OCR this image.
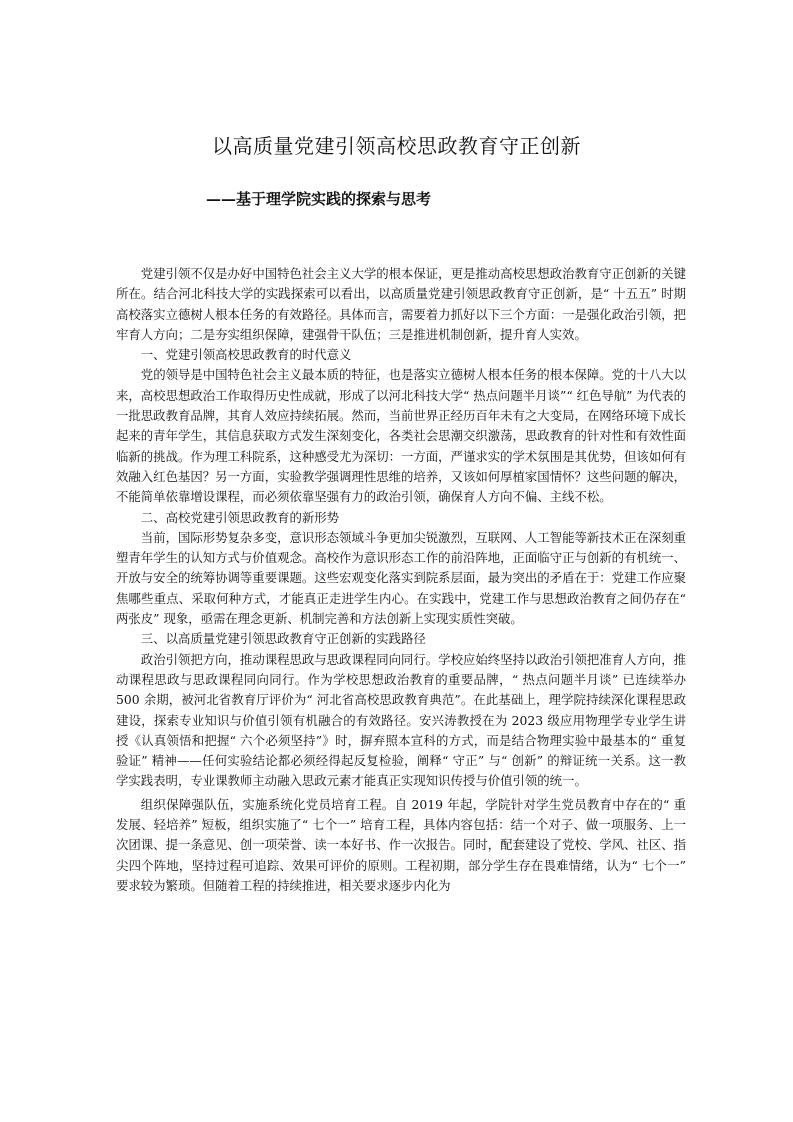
以高质量党建引领高校思政教育守正创新
——基于理学院实践的探索与思考

党建引领不仅是办好中国特色社会主义大学的根本保证，更是推动高校思想政治教育守正创新的关键所在。结合河北科技大学的实践探索可以看出，以高质量党建引领思政教育守正创新，是“ 十五五” 时期高校落实立德树人根本任务的有效路径。具体而言，需要着力抓好以下三个方面：一是强化政治引领，把牢育人方向；二是夯实组织保障，建强骨干队伍；三是推进机制创新，提升育人实效。

一、党建引领高校思政教育的时代意义

党的领导是中国特色社会主义最本质的特征，也是落实立德树人根本任务的根本保障。党的十八大以来，高校思想政治工作取得历史性成就，形成了以河北科技大学“ 热点问题半月谈”“ 红色导航” 为代表的一批思政教育品牌，其育人效应持续拓展。然而，当前世界正经历百年未有之大变局，在网络环境下成长起来的青年学生，其信息获取方式发生深刻变化，各类社会思潮交织激荡，思政教育的针对性和有效性面临新的挑战。作为理工科院系，这种感受尤为深切：一方面，严谨求实的学术氛围是其优势，但该如何有效融入红色基因？另一方面，实验教学强调理性思维的培养，又该如何厚植家国情怀？这些问题的解决，不能简单依靠增设课程，而必须依靠坚强有力的政治引领，确保育人方向不偏、主线不松。

二、高校党建引领思政教育的新形势

当前，国际形势复杂多变，意识形态领域斗争更加尖锐激烈，互联网、人工智能等新技术正在深刻重塑青年学生的认知方式与价值观念。高校作为意识形态工作的前沿阵地，正面临守正与创新的有机统一、开放与安全的统筹协调等重要课题。这些宏观变化落实到院系层面，最为突出的矛盾在于：党建工作应聚焦哪些重点、采取何种方式，才能真正走进学生内心。在实践中，党建工作与思想政治教育之间仍存在“ 两张皮” 现象，亟需在理念更新、机制完善和方法创新上实现实质性突破。

三、以高质量党建引领思政教育守正创新的实践路径

政治引领把方向，推动课程思政与思政课程同向同行。学校应始终坚持以政治引领把准育人方向，推动课程思政与思政课程同向同行。作为学校思想政治教育的重要品牌，“ 热点问题半月谈” 已连续举办 500 余期，被河北省教育厅评价为“ 河北省高校思政教育典范”。在此基础上，理学院持续深化课程思政建设，探索专业知识与价值引领有机融合的有效路径。安兴涛教授在为 2023 级应用物理学专业学生讲授《认真领悟和把握“ 六个必须坚持”》时，摒弃照本宣科的方式，而是结合物理实验中最基本的“ 重复验证” 精神——任何实验结论都必须经得起反复检验，阐释“ 守正” 与“ 创新” 的辩证统一关系。这一教学实践表明，专业课教师主动融入思政元素才能真正实现知识传授与价值引领的统一。

组织保障强队伍，实施系统化党员培育工程。自 2019 年起，学院针对学生党员教育中存在的“ 重发展、轻培养” 短板，组织实施了“ 七个一” 培育工程，具体内容包括：结一个对子、做一项服务、上一次团课、提一条意见、创一项荣誉、读一本好书、作一次报告。同时，配套建设了党校、学风、社区、指尖四个阵地，坚持过程可追踪、效果可评价的原则。工程初期，部分学生存在畏难情绪，认为“ 七个一” 要求较为繁琐。但随着工程的持续推进，相关要求逐步内化为
